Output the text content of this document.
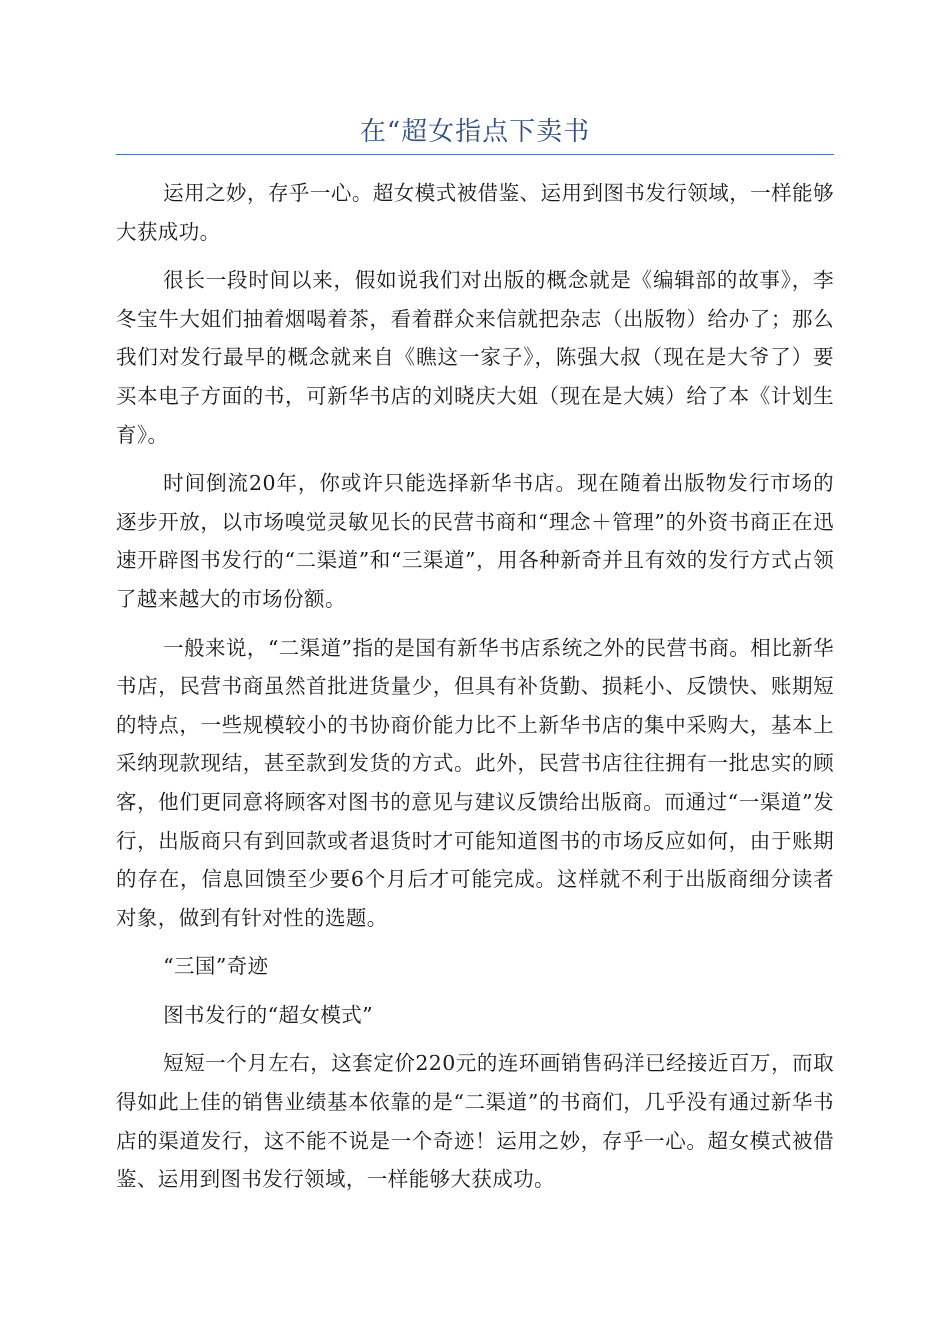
在“超女指点下卖书

运用之妙，存乎一心。超女模式被借鉴、运用到图书发行领域，一样能够大获成功。

很长一段时间以来，假如说我们对出版的概念就是《编辑部的故事》，李冬宝牛大姐们抽着烟喝着茶，看着群众来信就把杂志（出版物）给办了；那么我们对发行最早的概念就来自《瞧这一家子》，陈强大叔（现在是大爷了）要买本电子方面的书，可新华书店的刘晓庆大姐（现在是大姨）给了本《计划生育》。

时间倒流20年，你或许只能选择新华书店。现在随着出版物发行市场的逐步开放，以市场嗅觉灵敏见长的民营书商和“理念＋管理”的外资书商正在迅速开辟图书发行的“二渠道”和“三渠道”，用各种新奇并且有效的发行方式占领了越来越大的市场份额。

一般来说，“二渠道”指的是国有新华书店系统之外的民营书商。相比新华书店，民营书商虽然首批进货量少，但具有补货勤、损耗小、反馈快、账期短的特点，一些规模较小的书协商价能力比不上新华书店的集中采购大，基本上采纳现款现结，甚至款到发货的方式。此外，民营书店往往拥有一批忠实的顾客，他们更同意将顾客对图书的意见与建议反馈给出版商。而通过“一渠道”发行，出版商只有到回款或者退货时才可能知道图书的市场反应如何，由于账期的存在，信息回馈至少要6个月后才可能完成。这样就不利于出版商细分读者对象，做到有针对性的选题。

“三国”奇迹

图书发行的“超女模式”

短短一个月左右，这套定价220元的连环画销售码洋已经接近百万，而取得如此上佳的销售业绩基本依靠的是“二渠道”的书商们，几乎没有通过新华书店的渠道发行，这不能不说是一个奇迹！运用之妙，存乎一心。超女模式被借鉴、运用到图书发行领域，一样能够大获成功。
